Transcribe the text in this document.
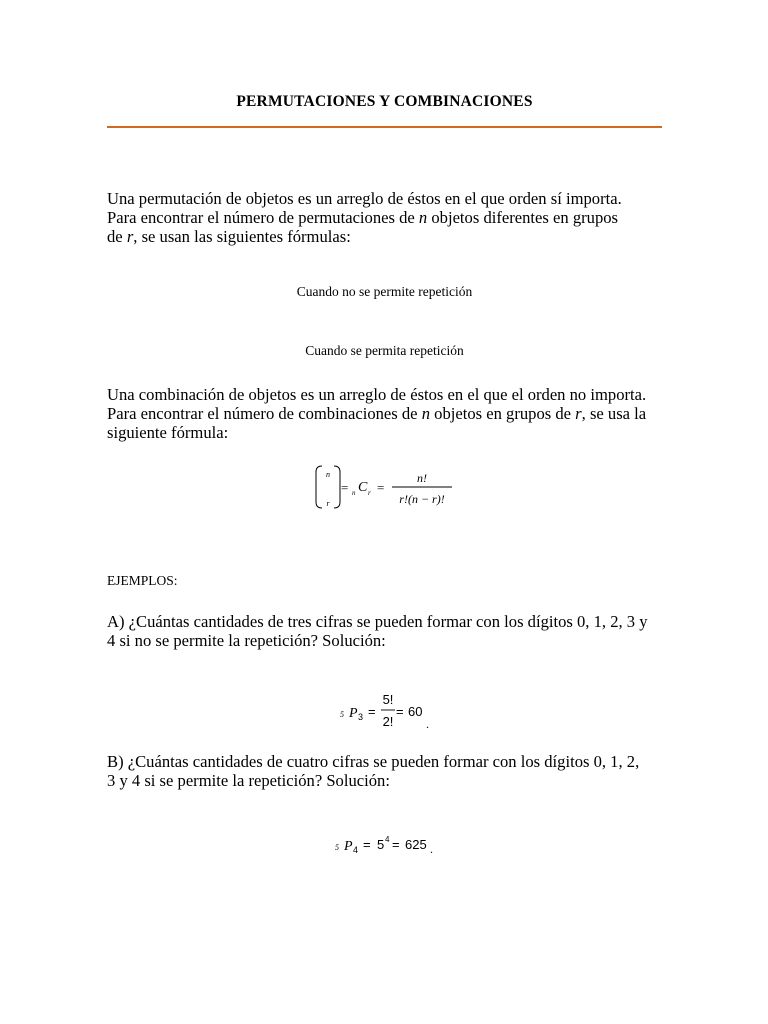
PERMUTACIONES Y COMBINACIONES
Una permutación de objetos es un arreglo de éstos en el que orden sí importa.
Para encontrar el número de permutaciones de n objetos diferentes en grupos
de r, se usan las siguientes fórmulas:
Cuando no se permite repetición
Cuando se permita repetición
Una combinación de objetos es un arreglo de éstos en el que el orden no importa.
Para encontrar el número de combinaciones de n objetos en grupos de r, se usa la
siguiente fórmula:
n
r
= n C r =
n!
r!(n − r)!
EJEMPLOS:
A) ¿Cuántas cantidades de tres cifras se pueden formar con los dígitos 0, 1, 2, 3 y
4 si no se permite la repetición? Solución:
5 P 3 =
5!
2!
= 60
.
B) ¿Cuántas cantidades de cuatro cifras se pueden formar con los dígitos 0, 1, 2,
3 y 4 si se permite la repetición? Solución:
5 P 4 = 5 4 = 625 .
